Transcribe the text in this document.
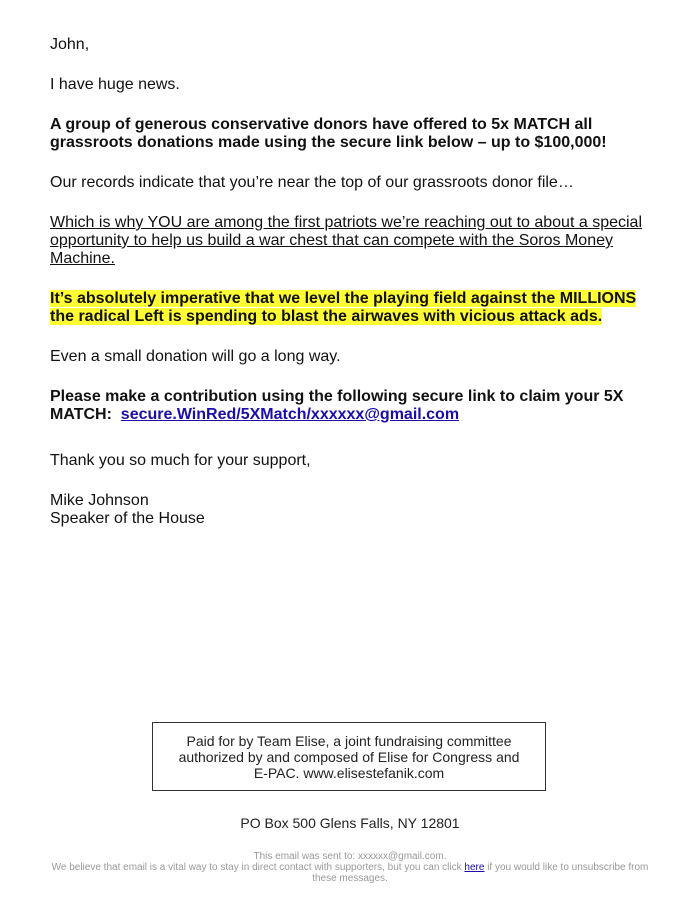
John,

I have huge news.

A group of generous conservative donors have offered to 5x MATCH all grassroots donations made using the secure link below – up to $100,000!

Our records indicate that you’re near the top of our grassroots donor file…

Which is why YOU are among the first patriots we’re reaching out to about a special opportunity to help us build a war chest that can compete with the Soros Money Machine.

It’s absolutely imperative that we level the playing field against the MILLIONS the radical Left is spending to blast the airwaves with vicious attack ads.

Even a small donation will go a long way.

Please make a contribution using the following secure link to claim your 5X MATCH: secure.WinRed/5XMatch/xxxxxx@gmail.com

Thank you so much for your support,

Mike Johnson

Speaker of the House

Paid for by Team Elise, a joint fundraising committee authorized by and composed of Elise for Congress and E-PAC. www.elisestefanik.com
PO Box 500 Glens Falls, NY 12801
This email was sent to: xxxxxx@gmail.com.
We believe that email is a vital way to stay in direct contact with supporters, but you can click here if you would like to unsubscribe from these messages.
